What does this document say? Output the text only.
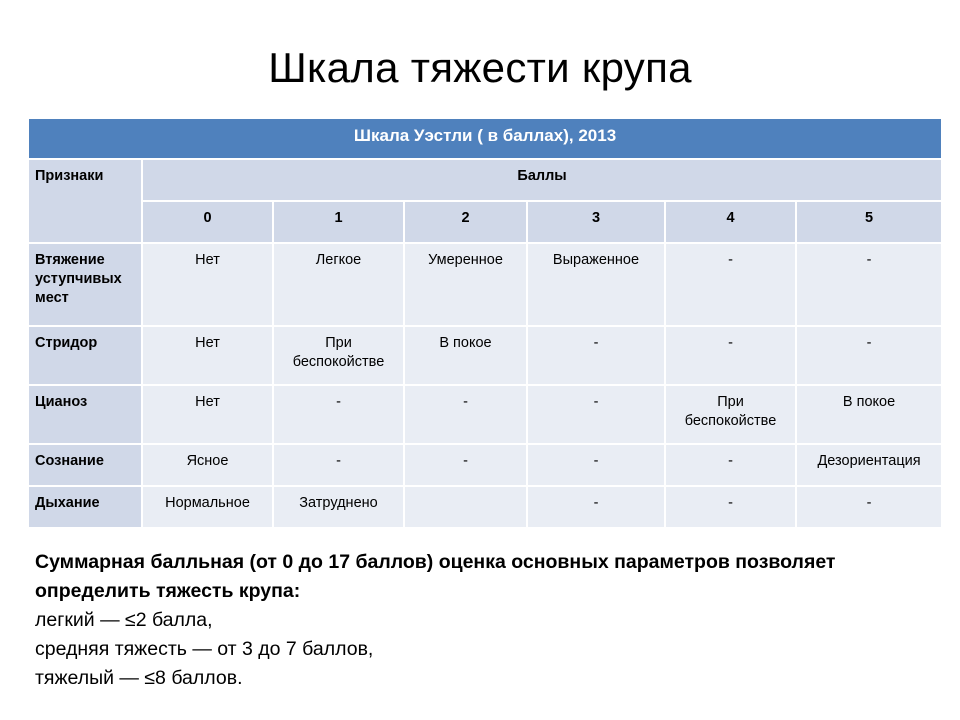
Шкала тяжести крупа
Шкала Уэстли ( в баллах), 2013						
Признаки	Баллы					
	0	1	2	3	4	5
Втяжение уступчивых мест	Нет	Легкое	Умеренное	Выраженное	-	-
Стридор	Нет	При беспокойстве	В покое	-	-	-
Цианоз	Нет	-	-	-	При беспокойстве	В покое
Сознание	Ясное	-	-	-	-	Дезориентация
Дыхание	Нормальное	Затруднено		-	-	-
Суммарная балльная (от 0 до 17 баллов) оценка основных параметров позволяет
определить тяжесть крупа:
легкий — ≤2 балла,
средняя тяжесть — от 3 до 7 баллов,
тяжелый — ≤8 баллов.
